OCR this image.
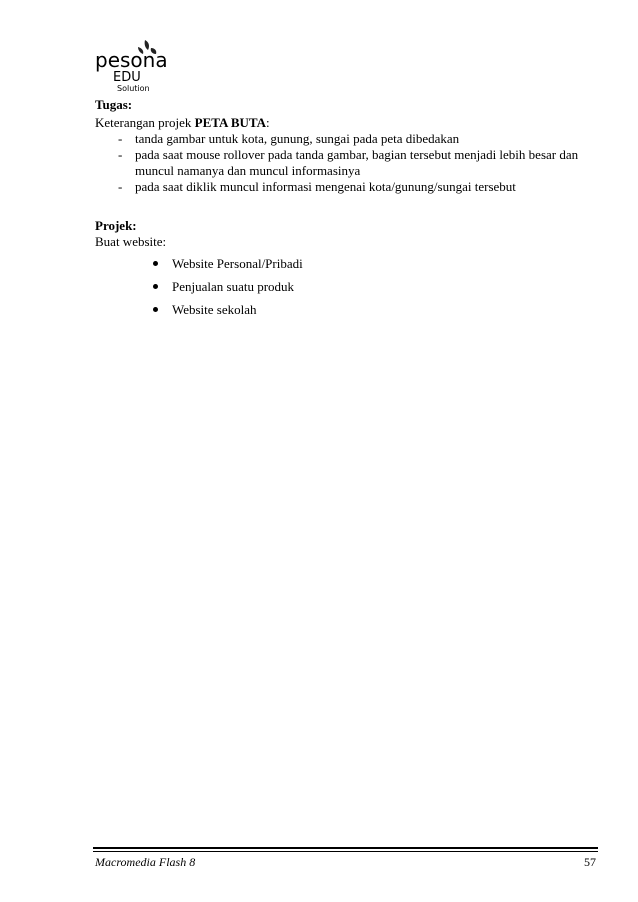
pesona
EDU
Solution
Tugas:
Keterangan projek PETA BUTA:
- tanda gambar untuk kota, gunung, sungai pada peta dibedakan
- pada saat mouse rollover pada tanda gambar, bagian tersebut menjadi lebih besar dan muncul namanya dan muncul informasinya
- pada saat diklik muncul informasi mengenai kota/gunung/sungai tersebut
Projek:
Buat website:
Website Personal/Pribadi
Penjualan suatu produk
Website sekolah
Macromedia Flash 8	57
